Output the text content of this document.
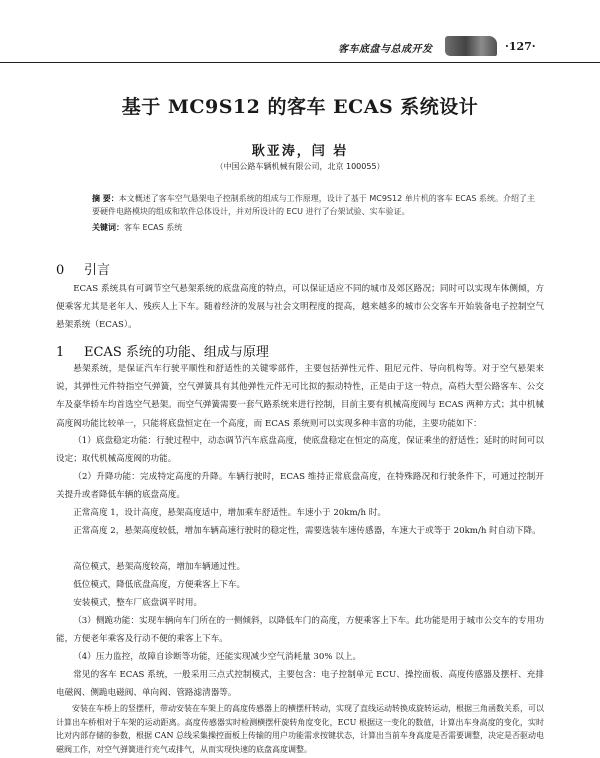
客车底盘与总成开发	·127·
基于 MC9S12 的客车 ECAS 系统设计
耿亚涛，闫 岩
（中国公路车辆机械有限公司，北京 100055）
摘 要：本文概述了客车空气悬架电子控制系统的组成与工作原理，设计了基于 MC9S12 单片机的客车 ECAS 系统。介绍了主要硬件电路模块的组成和软件总体设计，并对所设计的 ECU 进行了台架试验、实车验证。
关键词：客车 ECAS 系统
0 引言
ECAS 系统具有可调节空气悬架系统的底盘高度的特点，可以保证适应不同的城市及郊区路况；同时可以实现车体侧倾，方便乘客尤其是老年人、残疾人上下车。随着经济的发展与社会文明程度的提高，越来越多的城市公交客车开始装备电子控制空气悬架系统（ECAS）。
1 ECAS 系统的功能、组成与原理
悬架系统，是保证汽车行驶平顺性和舒适性的关键零部件，主要包括弹性元件、阻尼元件、导向机构等。对于空气悬架来说，其弹性元件特指空气弹簧，空气弹簧具有其他弹性元件无可比拟的振动特性，正是由于这一特点，高档大型公路客车、公交车及豪华轿车均首选空气悬架。而空气弹簧需要一套气路系统来进行控制，目前主要有机械高度阀与 ECAS 两种方式；其中机械高度阀功能比较单一，只能将底盘恒定在一个高度，而 ECAS 系统则可以实现多种丰富的功能，主要功能如下：
（1）底盘稳定功能：行驶过程中，动态调节汽车底盘高度，使底盘稳定在恒定的高度，保证乘坐的舒适性；延时的时间可以设定；取代机械高度阀的功能。
（2）升降功能：完成特定高度的升降。车辆行驶时，ECAS 维持正常底盘高度，在特殊路况和行驶条件下，可通过控制开关提升或者降低车辆的底盘高度。
正常高度 1，设计高度，悬架高度适中，增加乘车舒适性。车速小于 20km/h 时。
正常高度 2，悬架高度较低，增加车辆高速行驶时的稳定性，需要选装车速传感器，车速大于或等于 20km/h 时自动下降。
高位模式，悬架高度较高，增加车辆通过性。
低位模式，降低底盘高度，方便乘客上下车。
安装模式，整车厂底盘调平时用。
（3）侧跪功能：实现车辆向车门所在的一侧倾斜，以降低车门的高度，方便乘客上下车。此功能是用于城市公交车的专用功能，方便老年乘客及行动不便的乘客上下车。
（4）压力监控，故障自诊断等功能，还能实现减少空气消耗量 30% 以上。
常见的客车 ECAS 系统，一般采用三点式控制模式，主要包含：电子控制单元 ECU、操控面板、高度传感器及摆杆、充排电磁阀、侧跪电磁阀、单向阀、管路滤清器等。
安装在车桥上的竖摆杆，带动安装在车架上的高度传感器上的横摆杆转动，实现了直线运动转换成旋转运动，根据三角函数关系，可以计算出车桥相对于车架的运动距离。高度传感器实时检测横摆杆旋转角度变化，ECU 根据这一变化的数值，计算出车身高度的变化，实时比对内部存储的参数，根据 CAN 总线采集操控面板上传输的用户功能需求按键状态，计算出当前车身高度是否需要调整，决定是否驱动电磁阀工作，对空气弹簧进行充气或排气，从而实现快速的底盘高度调整。
